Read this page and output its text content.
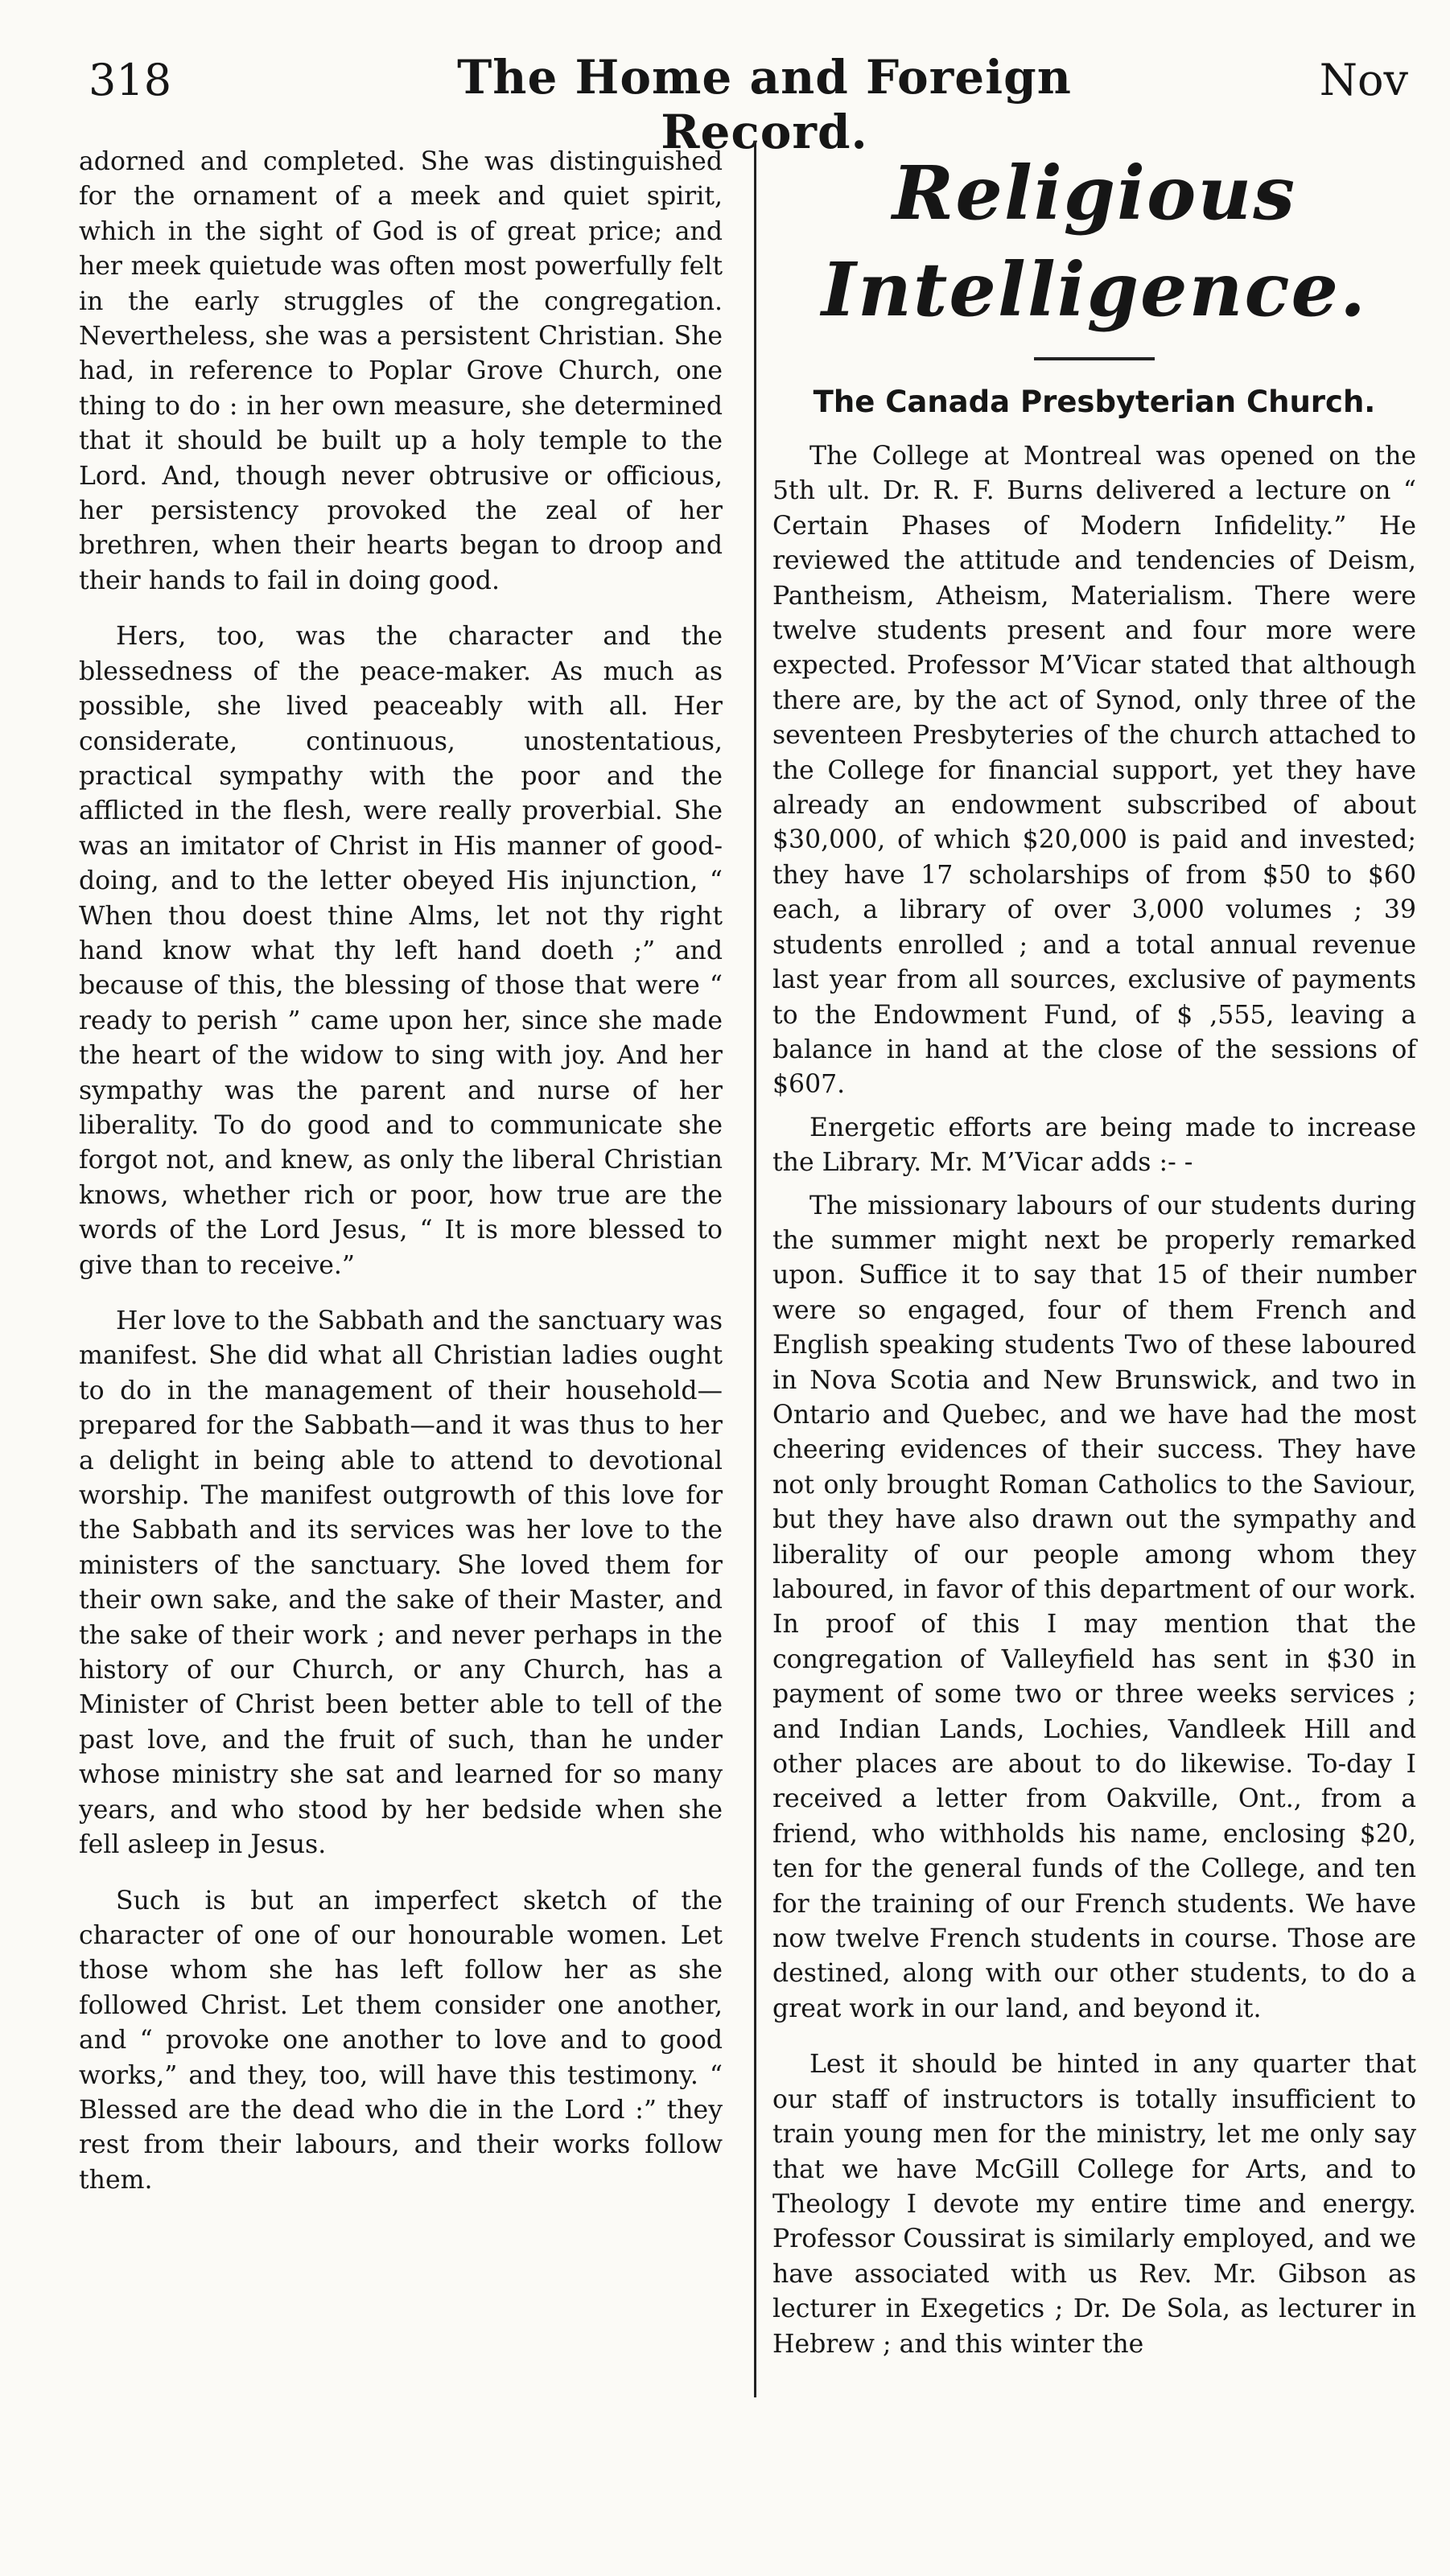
318	The Home and Foreign Record.
Nov

adorned and completed. She was distinguished for the ornament of a meek and quiet spirit, which in the sight of God is of great price; and her meek quietude was often most powerfully felt in the early struggles of the congregation. Nevertheless, she was a persistent Christian. She had, in reference to Poplar Grove Church, one thing to do : in her own measure, she determined that it should be built up a holy temple to the Lord. And, though never obtrusive or officious, her persistency provoked the zeal of her brethren, when their hearts began to droop and their hands to fail in doing good.

Hers, too, was the character and the blessedness of the peace-maker. As much as possible, she lived peaceably with all. Her considerate, continuous, unostentatious, practical sympathy with the poor and the afflicted in the flesh, were really proverbial. She was an imitator of Christ in His manner of good-doing, and to the letter obeyed His injunction, “ When thou doest thine Alms, let not thy right hand know what thy left hand doeth ;” and because of this, the blessing of those that were “ ready to perish ” came upon her, since she made the heart of the widow to sing with joy. And her sympathy was the parent and nurse of her liberality. To do good and to communicate she forgot not, and knew, as only the liberal Christian knows, whether rich or poor, how true are the words of the Lord Jesus, “ It is more blessed to give than to receive.”

Her love to the Sabbath and the sanctuary was manifest. She did what all Christian ladies ought to do in the management of their household—prepared for the Sabbath—and it was thus to her a delight in being able to attend to devotional worship. The manifest outgrowth of this love for the Sabbath and its services was her love to the ministers of the sanctuary. She loved them for their own sake, and the sake of their Master, and the sake of their work ; and never perhaps in the history of our Church, or any Church, has a Minister of Christ been better able to tell of the past love, and the fruit of such, than he under whose ministry she sat and learned for so many years, and who stood by her bedside when she fell asleep in Jesus.

Such is but an imperfect sketch of the character of one of our honourable women. Let those whom she has left follow her as she followed Christ. Let them consider one another, and “ provoke one another to love and to good works,” and they, too, will have this testimony. “ Blessed are the dead who die in the Lord :” they rest from their labours, and their works follow them.

Religious Intelligence.
The Canada Presbyterian Church.

The College at Montreal was opened on the 5th ult. Dr. R. F. Burns delivered a lecture on “ Certain Phases of Modern Infidelity.” He reviewed the attitude and tendencies of Deism, Pantheism, Atheism, Materialism. There were twelve students present and four more were expected. Professor M’Vicar stated that although there are, by the act of Synod, only three of the seventeen Presbyteries of the church attached to the College for financial support, yet they have already an endowment subscribed of about $30,000, of which $20,000 is paid and invested; they have 17 scholarships of from $50 to $60 each, a library of over 3,000 volumes ; 39 students enrolled ; and a total annual revenue last year from all sources, exclusive of payments to the Endowment Fund, of $ ,555, leaving a balance in hand at the close of the sessions of $607.

Energetic efforts are being made to increase the Library. Mr. M’Vicar adds :- -

The missionary labours of our students during the summer might next be properly remarked upon. Suffice it to say that 15 of their number were so engaged, four of them French and English speaking students Two of these laboured in Nova Scotia and New Brunswick, and two in Ontario and Quebec, and we have had the most cheering evidences of their success. They have not only brought Roman Catholics to the Saviour, but they have also drawn out the sympathy and liberality of our people among whom they laboured, in favor of this department of our work. In proof of this I may mention that the congregation of Valleyfield has sent in $30 in payment of some two or three weeks services ; and Indian Lands, Lochies, Vandleek Hill and other places are about to do likewise. To-day I received a letter from Oakville, Ont., from a friend, who withholds his name, enclosing $20, ten for the general funds of the College, and ten for the training of our French students. We have now twelve French students in course. Those are destined, along with our other students, to do a great work in our land, and beyond it.

Lest it should be hinted in any quarter that our staff of instructors is totally insufficient to train young men for the ministry, let me only say that we have McGill College for Arts, and to Theology I devote my entire time and energy. Professor Coussirat is similarly employed, and we have associated with us Rev. Mr. Gibson as lecturer in Exegetics ; Dr. De Sola, as lecturer in Hebrew ; and this winter the
